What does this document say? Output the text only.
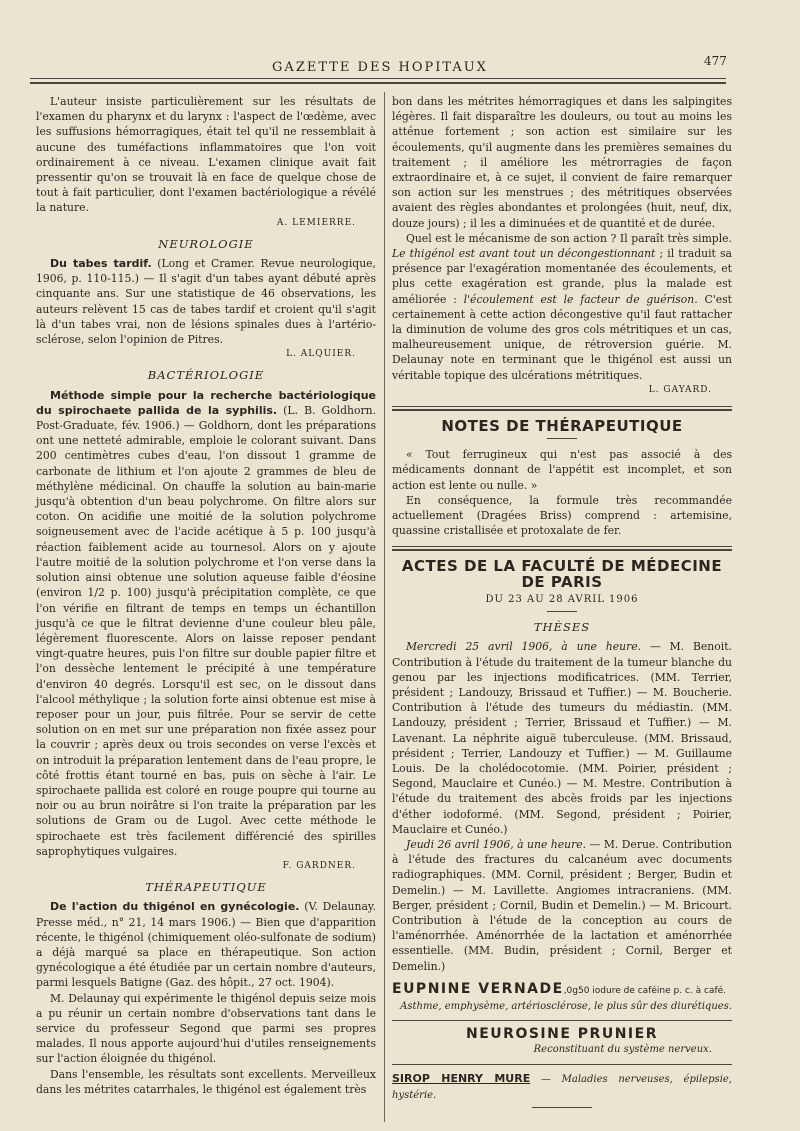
GAZETTE DES HOPITAUX	477

L'auteur insiste particulièrement sur les résultats de l'examen du pharynx et du larynx : l'aspect de l'œdème, avec les suffusions hémorragiques, était tel qu'il ne ressemblait à aucune des tuméfactions inflammatoires que l'on voit ordinairement à ce niveau. L'examen clinique avait fait pressentir qu'on se trouvait là en face de quelque chose de tout à fait particulier, dont l'examen bactériologique a révélé la nature.

A. LEMIERRE.
NEUROLOGIE

Du tabes tardif. (Long et Cramer. Revue neurologique, 1906, p. 110-115.) — Il s'agit d'un tabes ayant débuté après cinquante ans. Sur une statistique de 46 observations, les auteurs relèvent 15 cas de tabes tardif et croient qu'il s'agit là d'un tabes vrai, non de lésions spinales dues à l'artério-sclérose, selon l'opinion de Pitres.

L. ALQUIER.
BACTÉRIOLOGIE

Méthode simple pour la recherche bactériologique du spirochaete pallida de la syphilis. (L. B. Goldhorn. Post-Graduate, fév. 1906.) — Goldhorn, dont les préparations ont une netteté admirable, emploie le colorant suivant. Dans 200 centimètres cubes d'eau, l'on dissout 1 gramme de carbonate de lithium et l'on ajoute 2 grammes de bleu de méthylène médicinal. On chauffe la solution au bain-marie jusqu'à obtention d'un beau polychrome. On filtre alors sur coton. On acidifie une moitié de la solution polychrome soigneusement avec de l'acide acétique à 5 p. 100 jusqu'à réaction faiblement acide au tournesol. Alors on y ajoute l'autre moitié de la solution polychrome et l'on verse dans la solution ainsi obtenue une solution aqueuse faible d'éosine (environ 1/2 p. 100) jusqu'à précipitation complète, ce que l'on vérifie en filtrant de temps en temps un échantillon jusqu'à ce que le filtrat devienne d'une couleur bleu pâle, légèrement fluorescente. Alors on laisse reposer pendant vingt-quatre heures, puis l'on filtre sur double papier filtre et l'on dessèche lentement le précipité à une température d'environ 40 degrés. Lorsqu'il est sec, on le dissout dans l'alcool méthylique ; la solution forte ainsi obtenue est mise à reposer pour un jour, puis filtrée. Pour se servir de cette solution on en met sur une préparation non fixée assez pour la couvrir ; après deux ou trois secondes on verse l'excès et on introduit la préparation lentement dans de l'eau propre, le côté frottis étant tourné en bas, puis on sèche à l'air. Le spirochaete pallida est coloré en rouge poupre qui tourne au noir ou au brun noirâtre si l'on traite la préparation par les solutions de Gram ou de Lugol. Avec cette méthode le spirochaete est très facilement différencié des spirilles saprophytiques vulgaires.

F. GARDNER.
THÉRAPEUTIQUE

De l'action du thigénol en gynécologie. (V. Delaunay. Presse méd., n° 21, 14 mars 1906.) — Bien que d'apparition récente, le thigénol (chimiquement oléo-sulfonate de sodium) a déjà marqué sa place en thérapeutique. Son action gynécologique a été étudiée par un certain nombre d'auteurs, parmi lesquels Batigne (Gaz. des hôpit., 27 oct. 1904).

M. Delaunay qui expérimente le thigénol depuis seize mois a pu réunir un certain nombre d'observations tant dans le service du professeur Segond que parmi ses propres malades. Il nous apporte aujourd'hui d'utiles renseignements sur l'action éloignée du thigénol.

Dans l'ensemble, les résultats sont excellents. Merveilleux dans les métrites catarrhales, le thigénol est également très

bon dans les métrites hémorragiques et dans les salpingites légères. Il fait disparaître les douleurs, ou tout au moins les atténue fortement ; son action est similaire sur les écoulements, qu'il augmente dans les premières semaines du traitement ; il améliore les métrorragies de façon extraordinaire et, à ce sujet, il convient de faire remarquer son action sur les menstrues ; des métritiques observées avaient des règles abondantes et prolongées (huit, neuf, dix, douze jours) ; il les a diminuées et de quantité et de durée.

Quel est le mécanisme de son action ? Il paraît très simple. Le thigénol est avant tout un décongestionnant ; il traduit sa présence par l'exagération momentanée des écoulements, et plus cette exagération est grande, plus la malade est améliorée : l'écoulement est le facteur de guérison. C'est certainement à cette action décongestive qu'il faut rattacher la diminution de volume des gros cols métritiques et un cas, malheureusement unique, de rétroversion guérie. M. Delaunay note en terminant que le thigénol est aussi un véritable topique des ulcérations métritiques.

L. GAYARD.
NOTES DE THÉRAPEUTIQUE

« Tout ferrugineux qui n'est pas associé à des médicaments donnant de l'appétit est incomplet, et son action est lente ou nulle. »

En conséquence, la formule très recommandée actuellement (Dragées Briss) comprend : artemisine, quassine cristallisée et protoxalate de fer.

ACTES DE LA FACULTÉ DE MÉDECINE DE PARIS
DU 23 AU 28 AVRIL 1906
THÈSES

Mercredi 25 avril 1906, à une heure. — M. Benoit. Contribution à l'étude du traitement de la tumeur blanche du genou par les injections modificatrices. (MM. Terrier, président ; Landouzy, Brissaud et Tuffier.) — M. Boucherie. Contribution à l'étude des tumeurs du médiastin. (MM. Landouzy, président ; Terrier, Brissaud et Tuffier.) — M. Lavenant. La néphrite aiguë tuberculeuse. (MM. Brissaud, président ; Terrier, Landouzy et Tuffier.) — M. Guillaume Louis. De la cholédocotomie. (MM. Poirier, président ; Segond, Mauclaire et Cunéo.) — M. Mestre. Contribution à l'étude du traitement des abcès froids par les injections d'éther iodoformé. (MM. Segond, président ; Poirier, Mauclaire et Cunéo.)

Jeudi 26 avril 1906, à une heure. — M. Derue. Contribution à l'étude des fractures du calcanéum avec documents radiographiques. (MM. Cornil, président ; Berger, Budin et Demelin.) — M. Lavillette. Angiomes intracraniens. (MM. Berger, président ; Cornil, Budin et Demelin.) — M. Bricourt. Contribution à l'étude de la conception au cours de l'aménorrhée. Aménorrhée de la lactation et aménorrhée essentielle. (MM. Budin, président ; Cornil, Berger et Demelin.)

EUPNINE VERNADE,0g50 iodure de caféine p. c. à café.
Asthme, emphysème, artériosclérose, le plus sûr des diurétiques.
NEUROSINE PRUNIER
Reconstituant du système nerveux.
SIROP HENRY MURE — Maladies nerveuses, épilepsie, hystérie.
